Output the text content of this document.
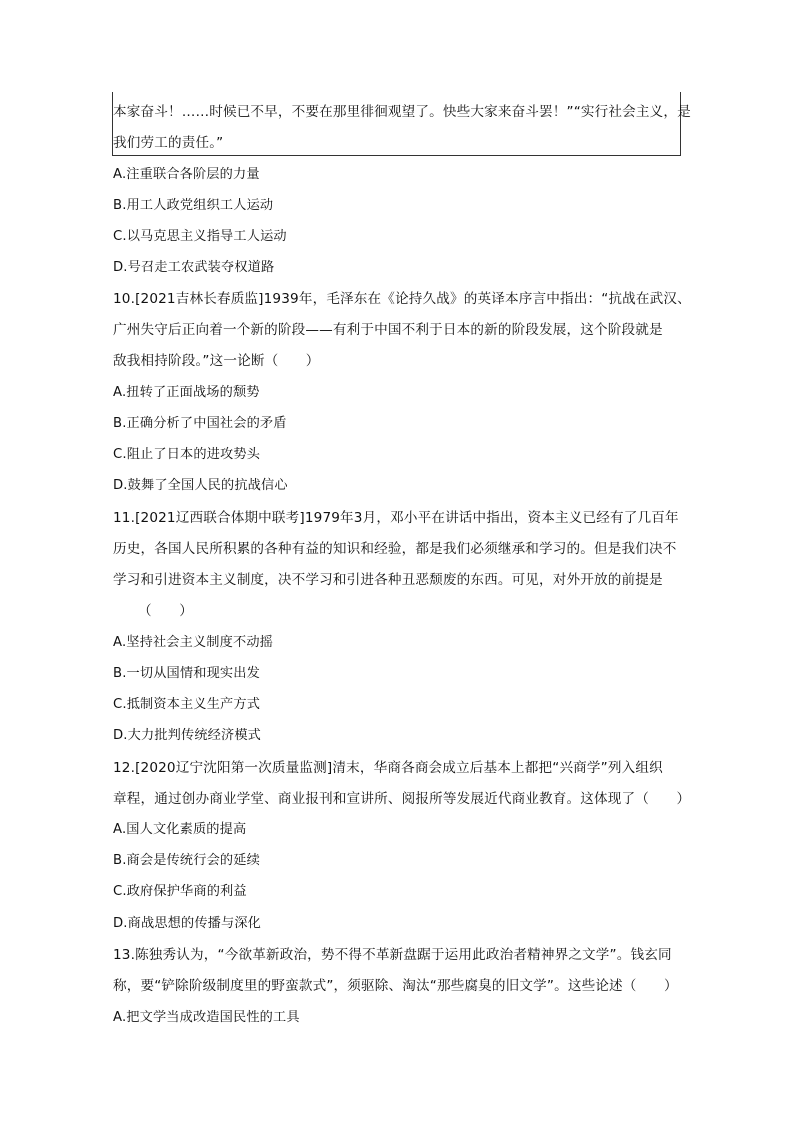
本家奋斗！……时候已不早，不要在那里徘徊观望了。快些大家来奋斗罢！”“实行社会主义，是
我们劳工的责任。”
A.注重联合各阶层的力量
B.用工人政党组织工人运动
C.以马克思主义指导工人运动
D.号召走工农武装夺权道路
10.[2021吉林长春质监]1939年，毛泽东在《论持久战》的英译本序言中指出：“抗战在武汉、
广州失守后正向着一个新的阶段——有利于中国不利于日本的新的阶段发展，这个阶段就是
敌我相持阶段。”这一论断（　　）
A.扭转了正面战场的颓势
B.正确分析了中国社会的矛盾
C.阻止了日本的进攻势头
D.鼓舞了全国人民的抗战信心
11.[2021辽西联合体期中联考]1979年3月，邓小平在讲话中指出，资本主义已经有了几百年
历史，各国人民所积累的各种有益的知识和经验，都是我们必须继承和学习的。但是我们决不
学习和引进资本主义制度，决不学习和引进各种丑恶颓废的东西。可见，对外开放的前提是
（　　）
A.坚持社会主义制度不动摇
B.一切从国情和现实出发
C.抵制资本主义生产方式
D.大力批判传统经济模式
12.[2020辽宁沈阳第一次质量监测]清末，华商各商会成立后基本上都把“兴商学”列入组织
章程，通过创办商业学堂、商业报刊和宣讲所、阅报所等发展近代商业教育。这体现了（　　）
A.国人文化素质的提高
B.商会是传统行会的延续
C.政府保护华商的利益
D.商战思想的传播与深化
13.陈独秀认为，“今欲革新政治，势不得不革新盘踞于运用此政治者精神界之文学”。钱玄同
称，要“铲除阶级制度里的野蛮款式”，须驱除、淘汰“那些腐臭的旧文学”。这些论述（　　）
A.把文学当成改造国民性的工具
